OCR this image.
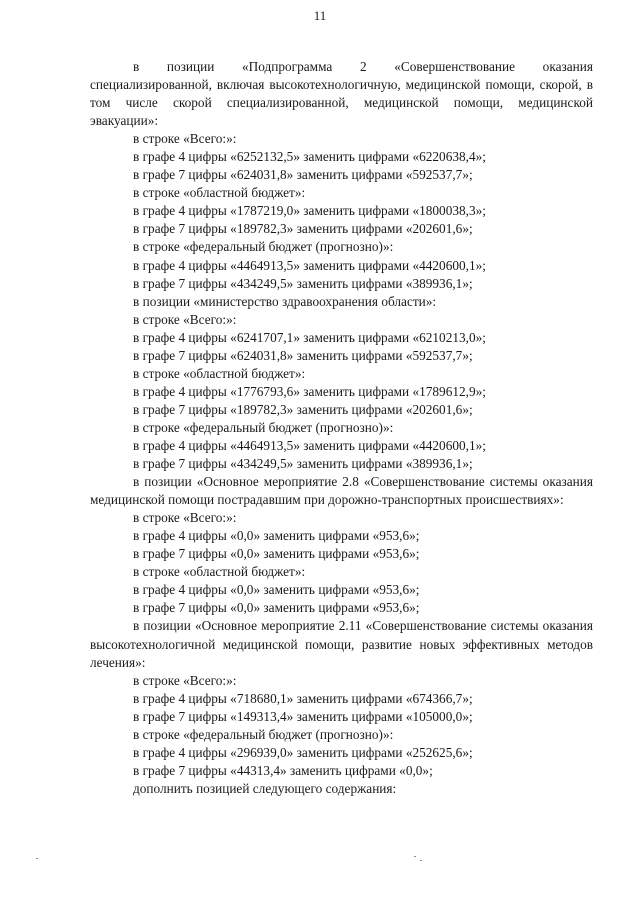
11

в позиции «Подпрограмма 2 «Совершенствование оказания специализированной, включая высокотехнологичную, медицинской помощи, скорой, в том числе скорой специализированной, медицинской помощи, медицинской эвакуации»:

в строке «Всего:»:

в графе 4 цифры «6252132,5» заменить цифрами «6220638,4»;

в графе 7 цифры «624031,8» заменить цифрами «592537,7»;

в строке «областной бюджет»:

в графе 4 цифры «1787219,0» заменить цифрами «1800038,3»;

в графе 7 цифры «189782,3» заменить цифрами «202601,6»;

в строке «федеральный бюджет (прогнозно)»:

в графе 4 цифры «4464913,5» заменить цифрами «4420600,1»;

в графе 7 цифры «434249,5» заменить цифрами «389936,1»;

в позиции «министерство здравоохранения области»:

в строке «Всего:»:

в графе 4 цифры «6241707,1» заменить цифрами «6210213,0»;

в графе 7 цифры «624031,8» заменить цифрами «592537,7»;

в строке «областной бюджет»:

в графе 4 цифры «1776793,6» заменить цифрами «1789612,9»;

в графе 7 цифры «189782,3» заменить цифрами «202601,6»;

в строке «федеральный бюджет (прогнозно)»:

в графе 4 цифры «4464913,5» заменить цифрами «4420600,1»;

в графе 7 цифры «434249,5» заменить цифрами «389936,1»;

в позиции «Основное мероприятие 2.8 «Совершенствование системы оказания медицинской помощи пострадавшим при дорожно-транспортных происшествиях»:

в строке «Всего:»:

в графе 4 цифры «0,0» заменить цифрами «953,6»;

в графе 7 цифры «0,0» заменить цифрами «953,6»;

в строке «областной бюджет»:

в графе 4 цифры «0,0» заменить цифрами «953,6»;

в графе 7 цифры «0,0» заменить цифрами «953,6»;

в позиции «Основное мероприятие 2.11 «Совершенствование системы оказания высокотехнологичной медицинской помощи, развитие новых эффективных методов лечения»:

в строке «Всего:»:

в графе 4 цифры «718680,1» заменить цифрами «674366,7»;

в графе 7 цифры «149313,4» заменить цифрами «105000,0»;

в строке «федеральный бюджет (прогнозно)»:

в графе 4 цифры «296939,0» заменить цифрами «252625,6»;

в графе 7 цифры «44313,4» заменить цифрами «0,0»;

дополнить позицией следующего содержания:
